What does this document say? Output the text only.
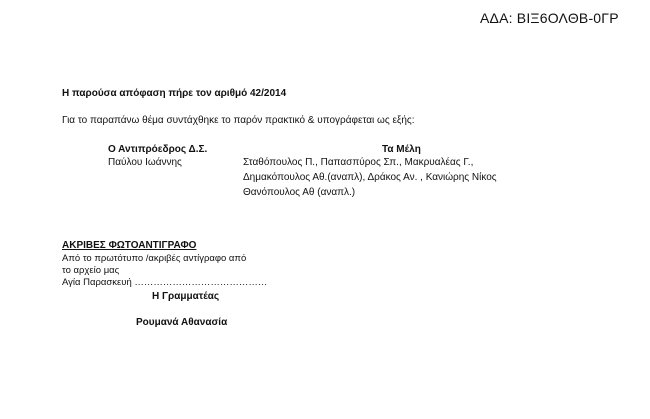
ΑΔΑ: ΒΙΞ6ΟΛΘΒ-0ΓΡ
Η παρούσα απόφαση πήρε τον αριθμό 42/2014
Για το παραπάνω θέμα συντάχθηκε το παρόν πρακτικό & υπογράφεται ως εξής:
Ο Αντιπρόεδρος Δ.Σ.
Παύλου Ιωάννης
Τα Μέλη
Σταθόπουλος Π., Παπασπύρος Σπ., Μακρυαλέας Γ.,
Δημακόπουλος Αθ.(αναπλ), Δράκος Αν. , Κανιώρης Νίκος
Θανόπουλος Αθ (αναπλ.)
ΑΚΡΙΒΕΣ ΦΩΤΟΑΝΤΙΓΡΑΦΟ
Από το πρωτότυπο /ακριβές αντίγραφο από
το αρχείο μας
Αγία Παρασκευή ……………………………………
Η Γραμματέας
Ρουμανά Αθανασία
